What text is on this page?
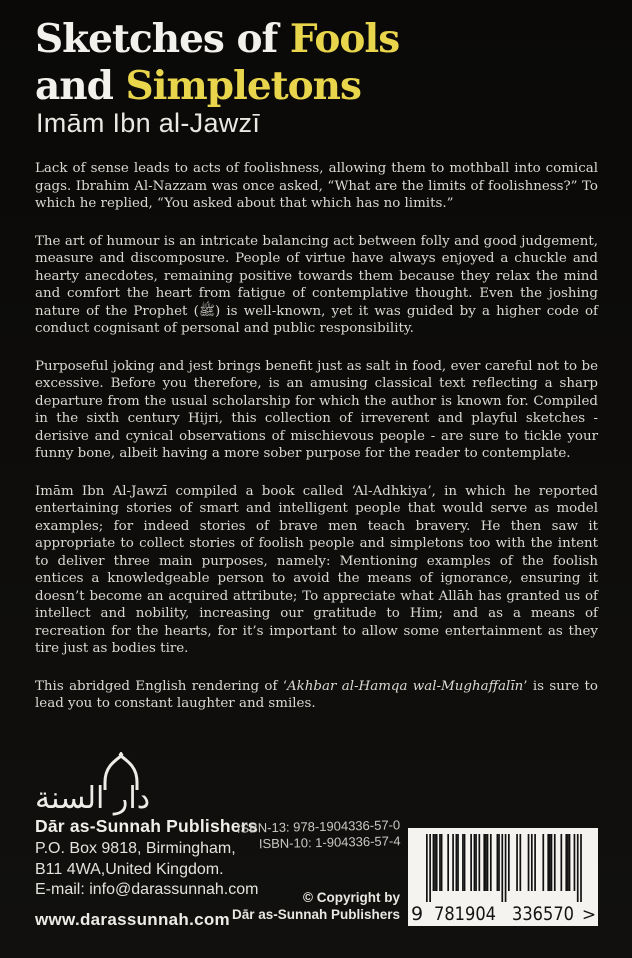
Sketches of Fools
and Simpletons
Imām Ibn al-Jawzī

Lack of sense leads to acts of foolishness, allowing them to mothball into comical gags. Ibrahim Al-Nazzam was once asked, “What are the limits of foolishness?” To which he replied, “You asked about that which has no limits.”

The art of humour is an intricate balancing act between folly and good judgement, measure and discomposure. People of virtue have always enjoyed a chuckle and hearty anecdotes, remaining positive towards them because they relax the mind and comfort the heart from fatigue of contemplative thought. Even the joshing nature of the Prophet (ﷺ) is well-known, yet it was guided by a higher code of conduct cognisant of personal and public responsibility.

Purposeful joking and jest brings benefit just as salt in food, ever careful not to be excessive. Before you therefore, is an amusing classical text reflecting a sharp departure from the usual scholarship for which the author is known for. Compiled in the sixth century Hijri, this collection of irreverent and playful sketches - derisive and cynical observations of mischievous people - are sure to tickle your funny bone, albeit having a more sober purpose for the reader to contemplate.

Imām Ibn Al-Jawzī compiled a book called ‘Al-Adhkiya’, in which he reported entertaining stories of smart and intelligent people that would serve as model examples; for indeed stories of brave men teach bravery. He then saw it appropriate to collect stories of foolish people and simpletons too with the intent to deliver three main purposes, namely: Mentioning examples of the foolish entices a knowledgeable person to avoid the means of ignorance, ensuring it doesn’t become an acquired attribute; To appreciate what Allāh has granted us of intellect and nobility, increasing our gratitude to Him; and as a means of recreation for the hearts, for it’s important to allow some entertainment as they tire just as bodies tire.

This abridged English rendering of ‘Akhbar al-Hamqa wal-Mughaffalīn’ is sure to lead you to constant laughter and smiles.

دار السنة
Dār as-Sunnah Publishers
P.O. Box 9818, Birmingham,
B11 4WA,United Kingdom.
E-mail: info@darassunnah.com
www.darassunnah.com
ISBN-13: 978-1904336-57-0
ISBN-10: 1-904336-57-4
© Copyright by
Dār as-Sunnah Publishers 9 781904 336570 >
